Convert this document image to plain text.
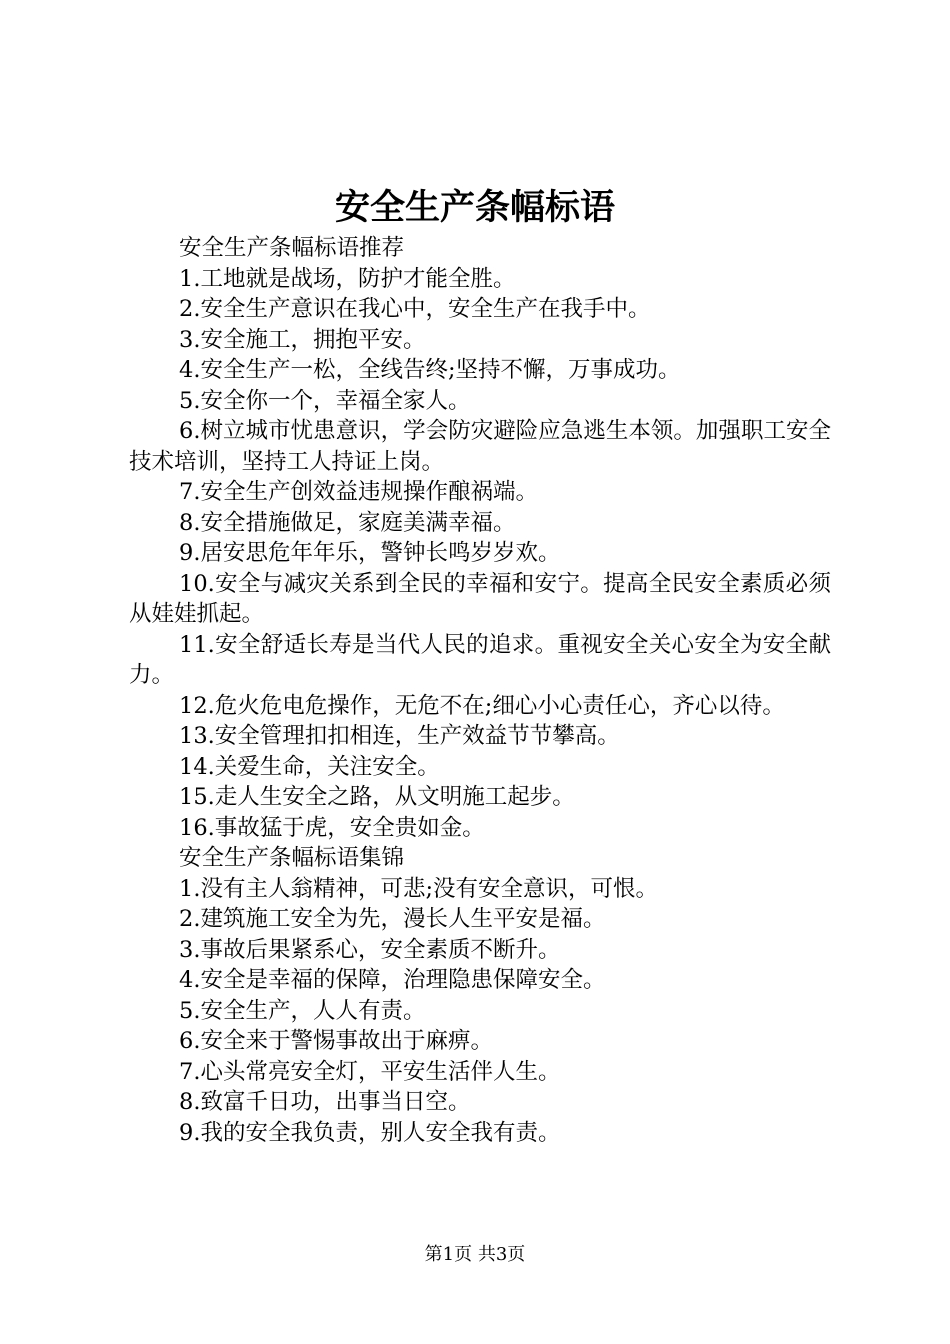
安全生产条幅标语

安全生产条幅标语推荐

1.工地就是战场，防护才能全胜。

2.安全生产意识在我心中，安全生产在我手中。

3.安全施工，拥抱平安。

4.安全生产一松，全线告终;坚持不懈，万事成功。

5.安全你一个，幸福全家人。

6.树立城市忧患意识，学会防灾避险应急逃生本领。加强职工安全技术培训，坚持工人持证上岗。

7.安全生产创效益违规操作酿祸端。

8.安全措施做足，家庭美满幸福。

9.居安思危年年乐，警钟长鸣岁岁欢。

10.安全与减灾关系到全民的幸福和安宁。提高全民安全素质必须从娃娃抓起。

11.安全舒适长寿是当代人民的追求。重视安全关心安全为安全献力。

12.危火危电危操作，无危不在;细心小心责任心，齐心以待。

13.安全管理扣扣相连，生产效益节节攀高。

14.关爱生命，关注安全。

15.走人生安全之路，从文明施工起步。

16.事故猛于虎，安全贵如金。

安全生产条幅标语集锦

1.没有主人翁精神，可悲;没有安全意识，可恨。

2.建筑施工安全为先，漫长人生平安是福。

3.事故后果紧系心，安全素质不断升。

4.安全是幸福的保障，治理隐患保障安全。

5.安全生产，人人有责。

6.安全来于警惕事故出于麻痹。

7.心头常亮安全灯，平安生活伴人生。

8.致富千日功，出事当日空。

9.我的安全我负责，别人安全我有责。

第1页 共3页
